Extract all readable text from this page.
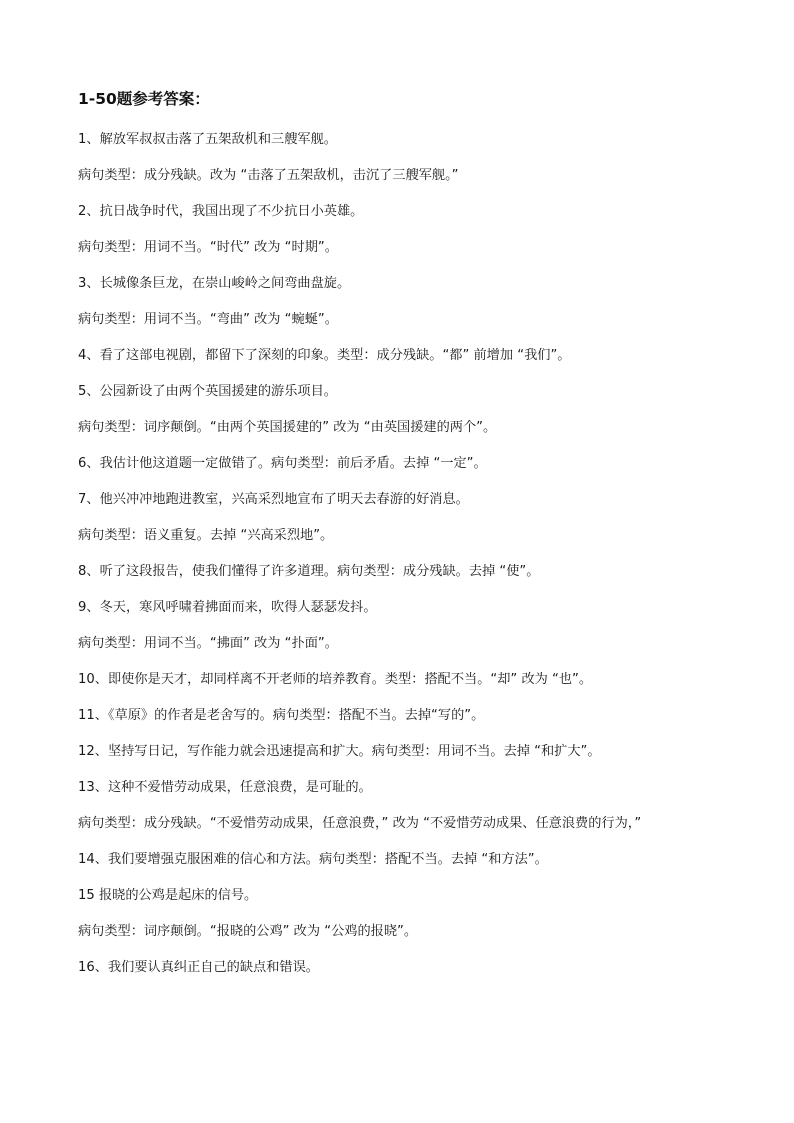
1-50题参考答案：

1、解放军叔叔击落了五架敌机和三艘军舰。

病句类型：成分残缺。改为 “击落了五架敌机，击沉了三艘军舰。”

2、抗日战争时代，我国出现了不少抗日小英雄。

病句类型：用词不当。“时代” 改为 “时期”。

3、长城像条巨龙，在崇山峻岭之间弯曲盘旋。

病句类型：用词不当。“弯曲” 改为 “蜿蜒”。

4、看了这部电视剧，都留下了深刻的印象。类型：成分残缺。“都” 前增加 “我们”。

5、公园新设了由两个英国援建的游乐项目。

病句类型：词序颠倒。“由两个英国援建的” 改为 “由英国援建的两个”。

6、我估计他这道题一定做错了。病句类型：前后矛盾。去掉 “一定”。

7、他兴冲冲地跑进教室，兴高采烈地宣布了明天去春游的好消息。

病句类型：语义重复。去掉 “兴高采烈地”。

8、听了这段报告，使我们懂得了许多道理。病句类型：成分残缺。去掉 “使”。

9、冬天，寒风呼啸着拂面而来，吹得人瑟瑟发抖。

病句类型：用词不当。“拂面” 改为 “扑面”。

10、即使你是天才，却同样离不开老师的培养教育。类型：搭配不当。“却” 改为 “也”。

11、《草原》的作者是老舍写的。病句类型：搭配不当。去掉“写的”。

12、坚持写日记，写作能力就会迅速提高和扩大。病句类型：用词不当。去掉 “和扩大”。

13、这种不爱惜劳动成果，任意浪费，是可耻的。

病句类型：成分残缺。“不爱惜劳动成果，任意浪费，” 改为 “不爱惜劳动成果、任意浪费的行为，”

14、我们要增强克服困难的信心和方法。病句类型：搭配不当。去掉 “和方法”。

15 报晓的公鸡是起床的信号。

病句类型：词序颠倒。“报晓的公鸡” 改为 “公鸡的报晓”。

16、我们要认真纠正自己的缺点和错误。
